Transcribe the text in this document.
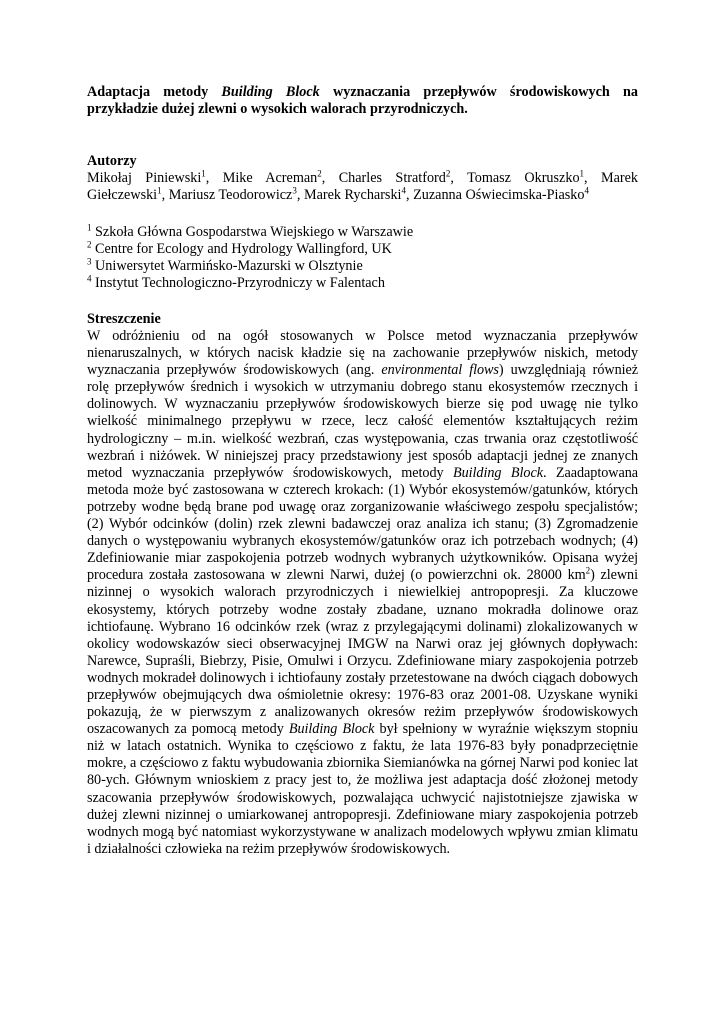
Adaptacja metody Building Block wyznaczania przepływów środowiskowych na przykładzie dużej zlewni o wysokich walorach przyrodniczych.

Autorzy

Mikołaj Piniewski$^1$, Mike Acreman$^2$, Charles Stratford$^2$, Tomasz Okruszko$^1$, Marek Giełczewski$^1$, Mariusz Teodorowicz$^3$, Marek Rycharski$^4$, Zuzanna Oświecimska-Piasko$^4$

$^1$ Szkoła Główna Gospodarstwa Wiejskiego w Warszawie

$^2$ Centre for Ecology and Hydrology Wallingford, UK

$^3$ Uniwersytet Warmińsko-Mazurski w Olsztynie

$^4$ Instytut Technologiczno-Przyrodniczy w Falentach

Streszczenie

W odróżnieniu od na ogół stosowanych w Polsce metod wyznaczania przepływów nienaruszalnych, w których nacisk kładzie się na zachowanie przepływów niskich, metody wyznaczania przepływów środowiskowych (ang. environmental flows) uwzględniają również rolę przepływów średnich i wysokich w utrzymaniu dobrego stanu ekosystemów rzecznych i dolinowych. W wyznaczaniu przepływów środowiskowych bierze się pod uwagę nie tylko wielkość minimalnego przepływu w rzece, lecz całość elementów kształtujących reżim hydrologiczny – m.in. wielkość wezbrań, czas występowania, czas trwania oraz częstotliwość wezbrań i niżówek. W niniejszej pracy przedstawiony jest sposób adaptacji jednej ze znanych metod wyznaczania przepływów środowiskowych, metody Building Block. Zaadaptowana metoda może być zastosowana w czterech krokach: (1) Wybór ekosystemów/gatunków, których potrzeby wodne będą brane pod uwagę oraz zorganizowanie właściwego zespołu specjalistów; (2) Wybór odcinków (dolin) rzek zlewni badawczej oraz analiza ich stanu; (3) Zgromadzenie danych o występowaniu wybranych ekosystemów/gatunków oraz ich potrzebach wodnych; (4) Zdefiniowanie miar zaspokojenia potrzeb wodnych wybranych użytkowników. Opisana wyżej procedura została zastosowana w zlewni Narwi, dużej (o powierzchni ok. 28000 $km^2$) zlewni nizinnej o wysokich walorach przyrodniczych i niewielkiej antropopresji. Za kluczowe ekosystemy, których potrzeby wodne zostały zbadane, uznano mokradła dolinowe oraz ichtiofaunę. Wybrano 16 odcinków rzek (wraz z przylegającymi dolinami) zlokalizowanych w okolicy wodowskazów sieci obserwacyjnej IMGW na Narwi oraz jej głównych dopływach: Narewce, Supraśli, Biebrzy, Pisie, Omulwi i Orzycu. Zdefiniowane miary zaspokojenia potrzeb wodnych mokradeł dolinowych i ichtiofauny zostały przetestowane na dwóch ciągach dobowych przepływów obejmujących dwa ośmioletnie okresy: 1976-83 oraz 2001-08. Uzyskane wyniki pokazują, że w pierwszym z analizowanych okresów reżim przepływów środowiskowych oszacowanych za pomocą metody Building Block był spełniony w wyraźnie większym stopniu niż w latach ostatnich. Wynika to częściowo z faktu, że lata 1976-83 były ponadprzeciętnie mokre, a częściowo z faktu wybudowania zbiornika Siemianówka na górnej Narwi pod koniec lat 80-ych. Głównym wnioskiem z pracy jest to, że możliwa jest adaptacja dość złożonej metody szacowania przepływów środowiskowych, pozwalająca uchwycić najistotniejsze zjawiska w dużej zlewni nizinnej o umiarkowanej antropopresji. Zdefiniowane miary zaspokojenia potrzeb wodnych mogą być natomiast wykorzystywane w analizach modelowych wpływu zmian klimatu i działalności człowieka na reżim przepływów środowiskowych.
